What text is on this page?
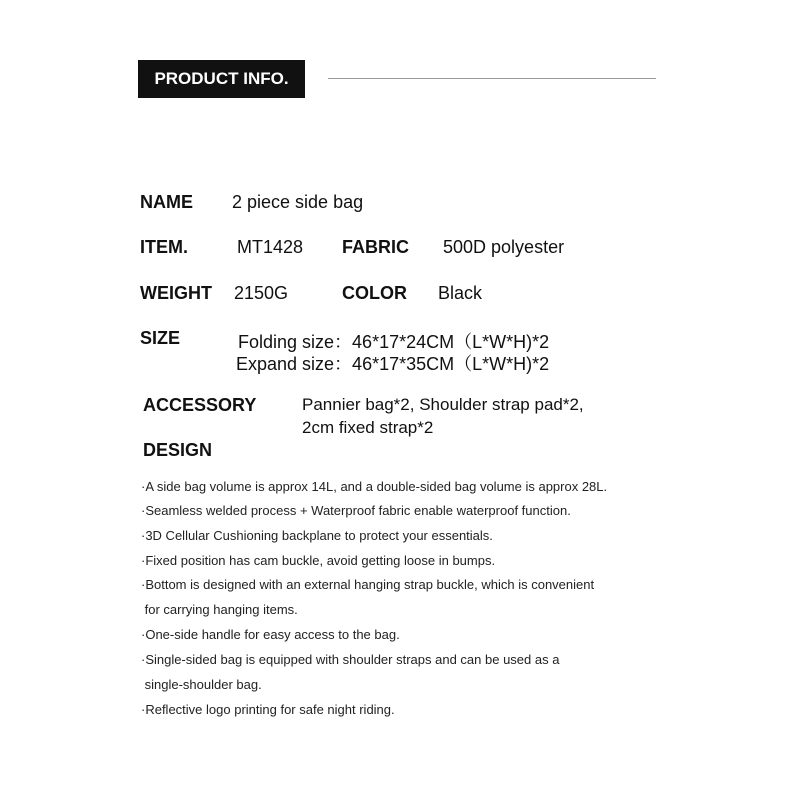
PRODUCT INFO.
NAME 2 piece side bag
ITEM.	MT1428 FABRIC 500D polyester
WEIGHT 2150G	COLOR Black
SIZE	Folding size：46*17*24CM（L*W*H)*2
Expand size：46*17*35CM（L*W*H)*2
ACCESSORY	Pannier bag*2, Shoulder strap pad*2,
2cm fixed strap*2
DESIGN
·A side bag volume is approx 14L, and a double-sided bag volume is approx 28L.
·Seamless welded process + Waterproof fabric enable waterproof function.
·3D Cellular Cushioning backplane to protect your essentials.
·Fixed position has cam buckle, avoid getting loose in bumps.
·Bottom is designed with an external hanging strap buckle, which is convenient
for carrying hanging items.
·One-side handle for easy access to the bag.
·Single-sided bag is equipped with shoulder straps and can be used as a
single-shoulder bag.
·Reflective logo printing for safe night riding.
